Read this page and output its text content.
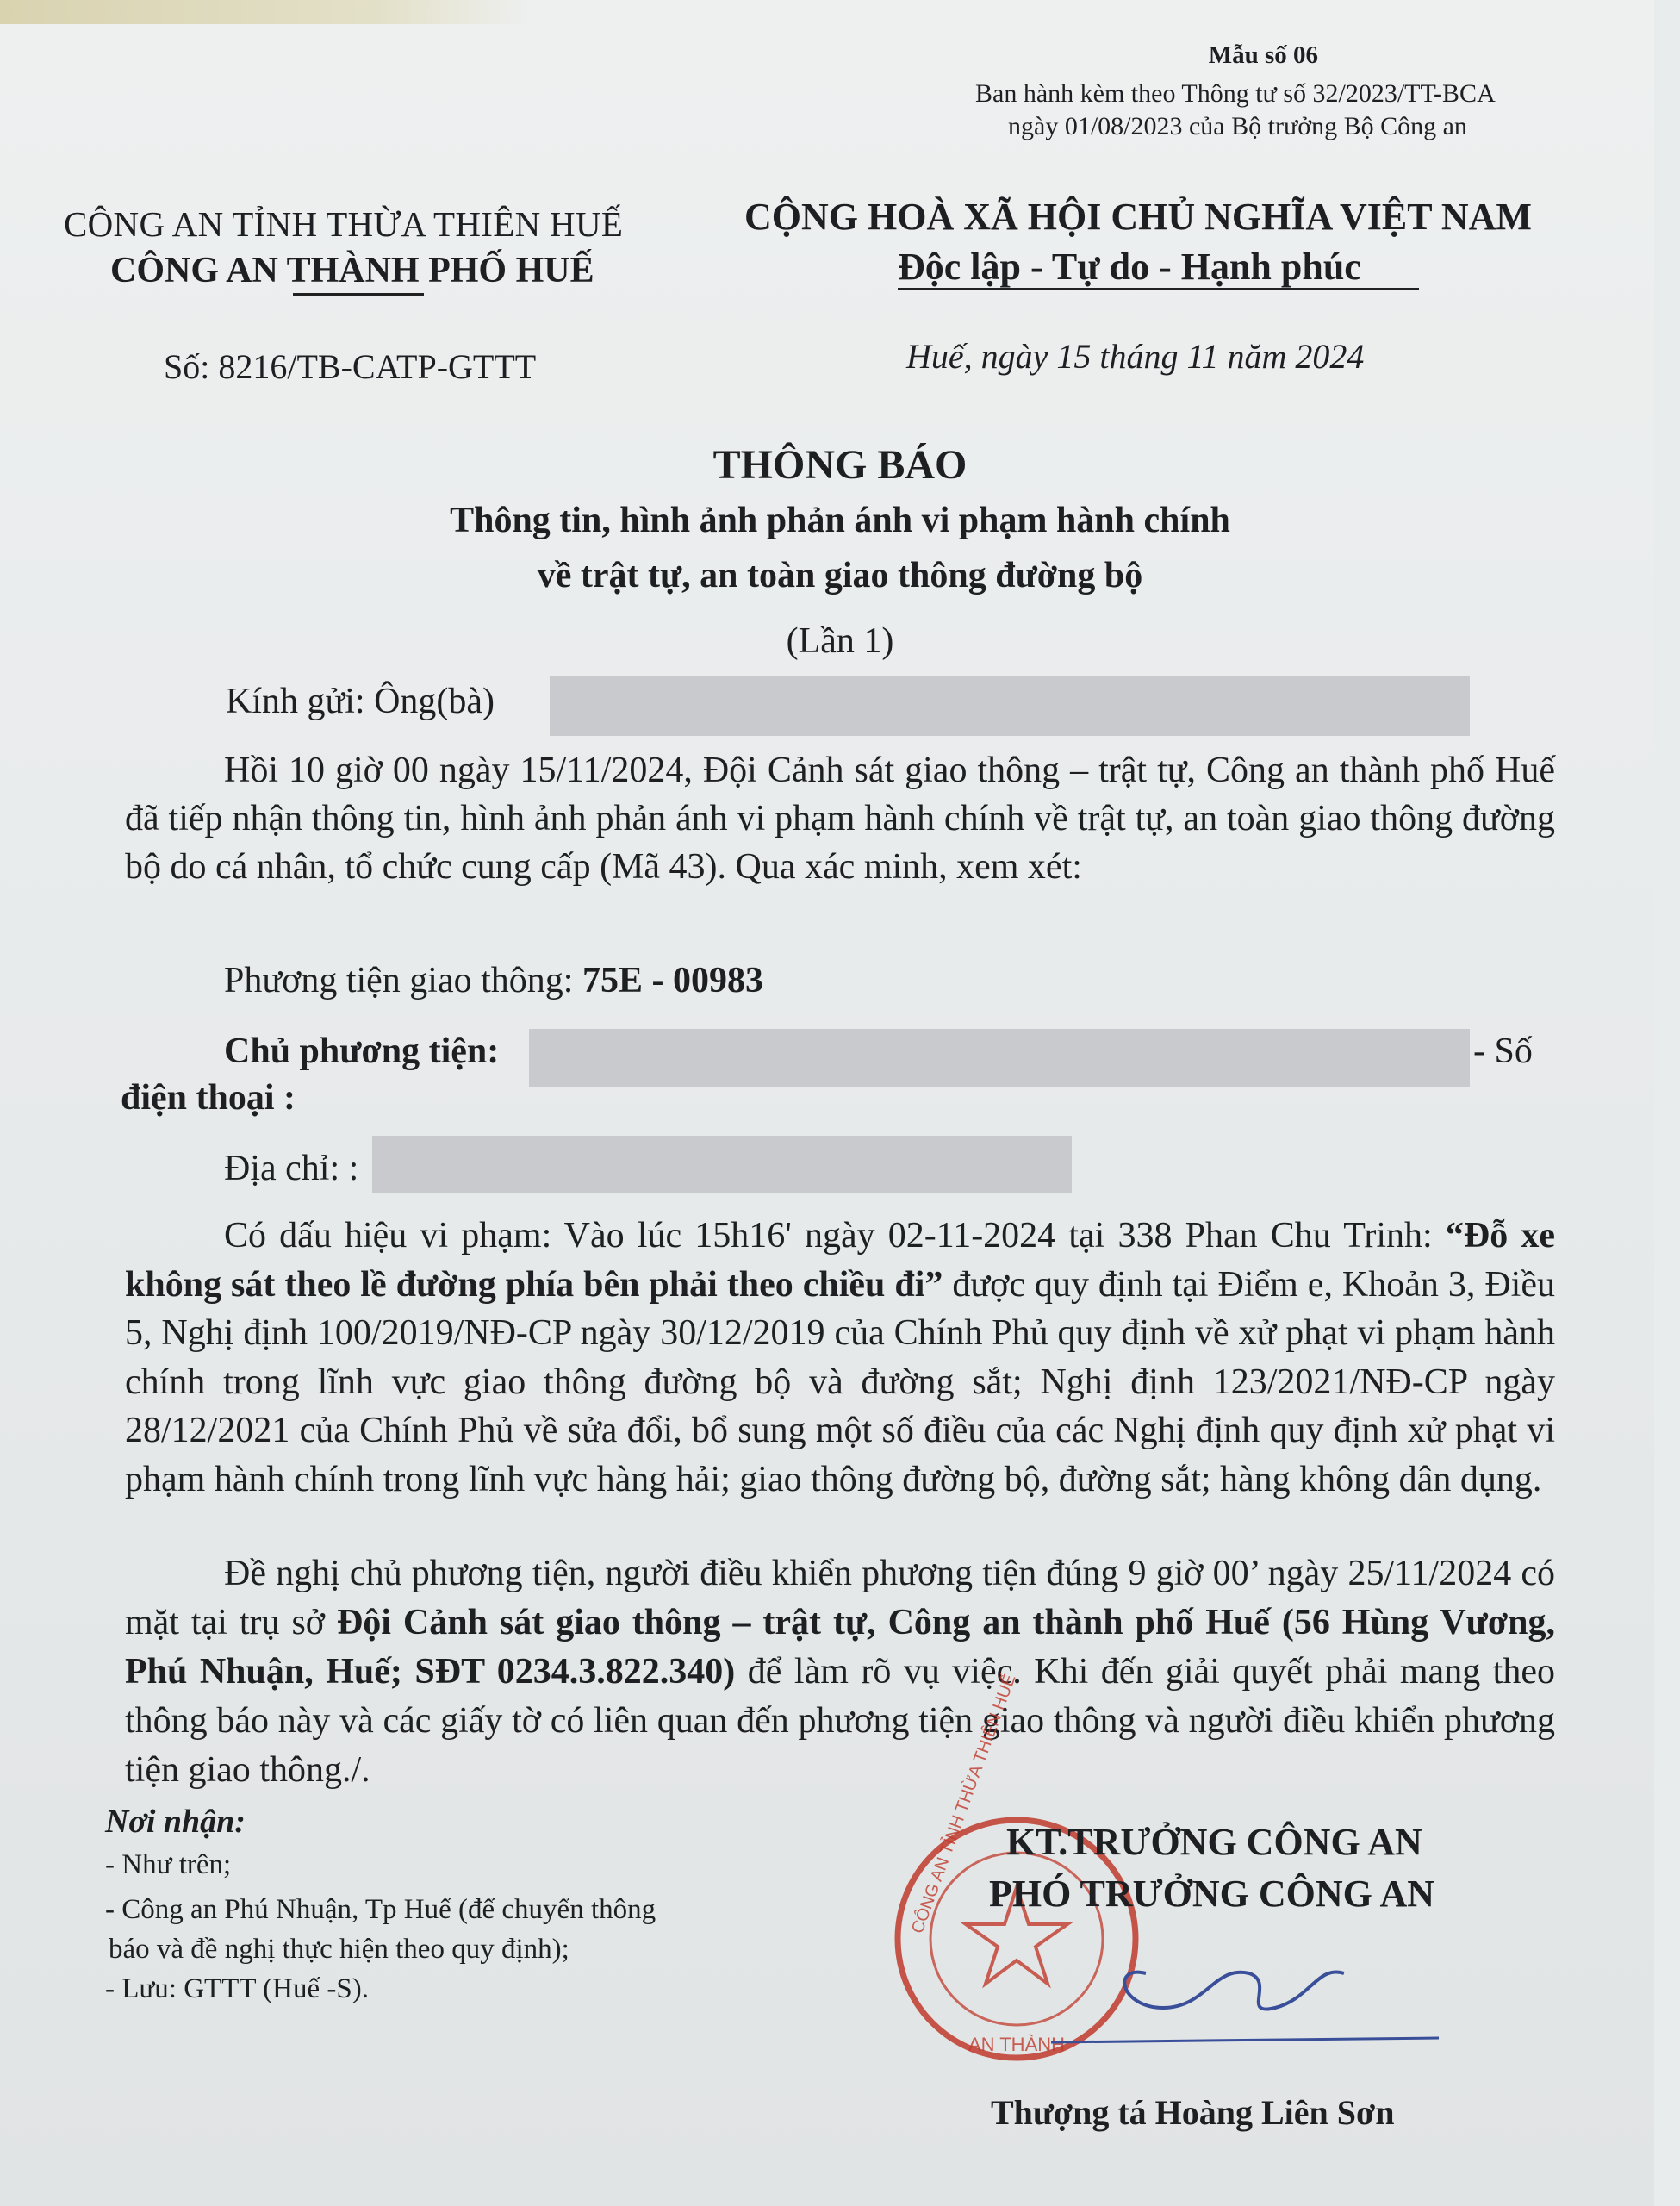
Mẫu số 06
Ban hành kèm theo Thông tư số 32/2023/TT-BCA
ngày 01/08/2023 của Bộ trưởng Bộ Công an
CÔNG AN TỈNH THỪA THIÊN HUẾ
CÔNG AN THÀNH PHỐ HUẾ
CỘNG HOÀ XÃ HỘI CHỦ NGHĨA VIỆT NAM
Độc lập - Tự do - Hạnh phúc
Số: 8216/TB-CATP-GTTT	Huế, ngày 15 tháng 11 năm 2024
THÔNG BÁO
Thông tin, hình ảnh phản ánh vi phạm hành chính
về trật tự, an toàn giao thông đường bộ
(Lần 1)
Kính gửi: Ông(bà)

Hồi 10 giờ 00 ngày 15/11/2024, Đội Cảnh sát giao thông – trật tự, Công an thành phố Huế đã tiếp nhận thông tin, hình ảnh phản ánh vi phạm hành chính về trật tự, an toàn giao thông đường bộ do cá nhân, tổ chức cung cấp (Mã 43). Qua xác minh, xem xét:

Phương tiện giao thông: 75E - 00983
Chủ phương tiện:	- Số
điện thoại :
Địa chỉ: :

Có dấu hiệu vi phạm: Vào lúc 15h16' ngày 02-11-2024 tại 338 Phan Chu Trinh: “Đỗ xe không sát theo lề đường phía bên phải theo chiều đi” được quy định tại Điểm e, Khoản 3, Điều 5, Nghị định 100/2019/NĐ-CP ngày 30/12/2019 của Chính Phủ quy định về xử phạt vi phạm hành chính trong lĩnh vực giao thông đường bộ và đường sắt; Nghị định 123/2021/NĐ-CP ngày 28/12/2021 của Chính Phủ về sửa đổi, bổ sung một số điều của các Nghị định quy định xử phạt vi phạm hành chính trong lĩnh vực hàng hải; giao thông đường bộ, đường sắt; hàng không dân dụng.

Đề nghị chủ phương tiện, người điều khiển phương tiện đúng 9 giờ 00’ ngày 25/11/2024 có mặt tại trụ sở Đội Cảnh sát giao thông – trật tự, Công an thành phố Huế (56 Hùng Vương, Phú Nhuận, Huế; SĐT 0234.3.822.340) để làm rõ vụ việc. Khi đến giải quyết phải mang theo thông báo này và các giấy tờ có liên quan đến phương tiện giao thông và người điều khiển phương tiện giao thông./.

Nơi nhận:
- Như trên;
- Công an Phú Nhuận, Tp Huế (để chuyển thông
báo và đề nghị thực hiện theo quy định);
- Lưu: GTTT (Huế -S).
AN THÀNH
CÔNG AN TỈNH THỪA THIÊN HUẾ
KT.TRƯỞNG CÔNG AN
PHÓ TRƯỞNG CÔNG AN
Thượng tá Hoàng Liên Sơn
